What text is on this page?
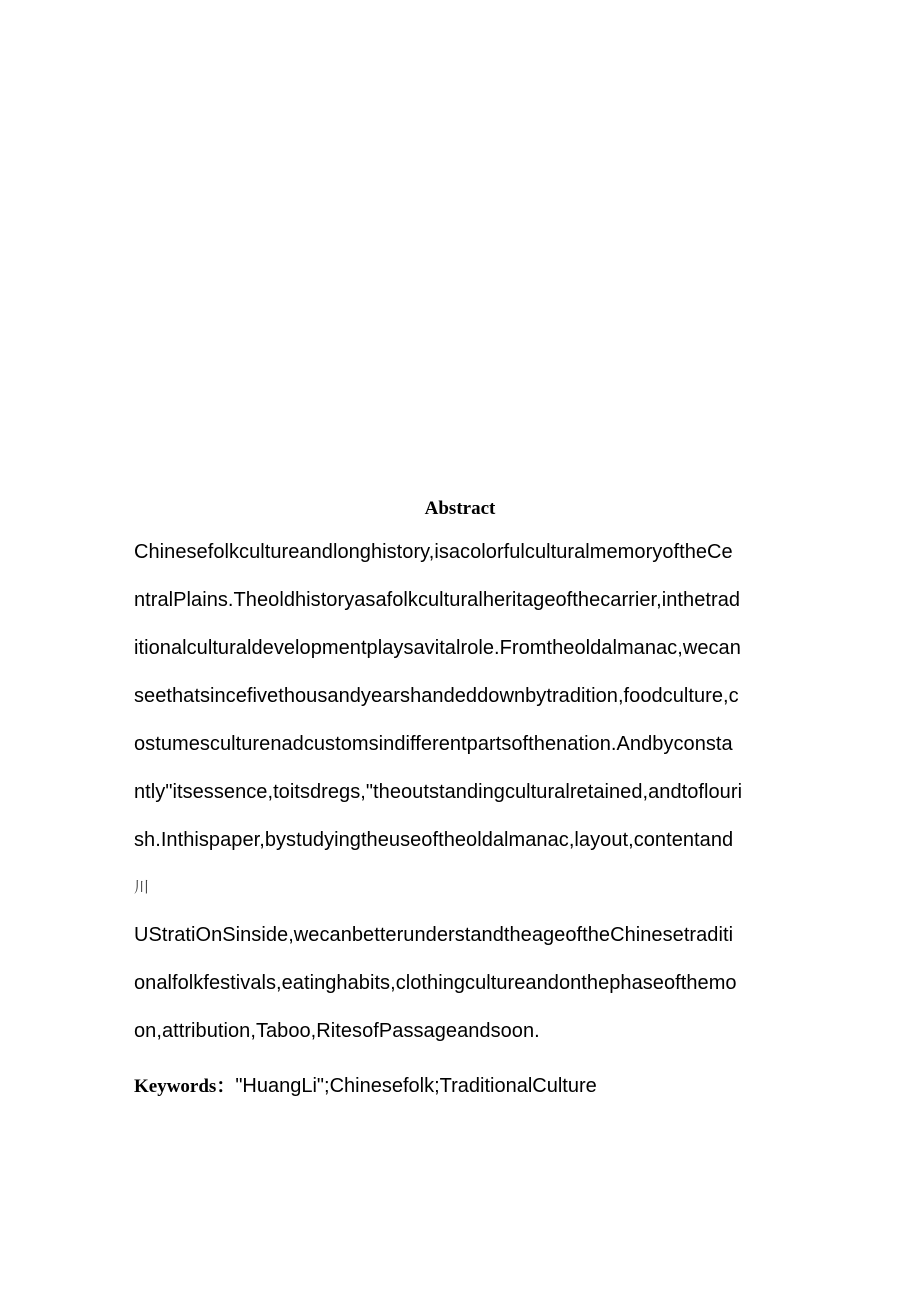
Abstract
Chinesefolkcultureandlonghistory,isacolorfulculturalmemoryoftheCe
ntralPlains.Theoldhistoryasafolkculturalheritageofthecarrier,inthetrad
itionalculturaldevelopmentplaysavitalrole.Fromtheoldalmanac,wecan
seethatsincefivethousandyearshandeddownbytradition,foodculture,c
ostumesculturenadcustomsindifferentpartsofthenation.Andbyconsta
ntly"itsessence,toitsdregs,"theoutstandingculturalretained,andtoflouri
sh.Inthispaper,bystudyingtheuseoftheoldalmanac,layout,contentand
川
UStratiOnSinside,wecanbetterunderstandtheageoftheChinesetraditi
onalfolkfestivals,eatinghabits,clothingcultureandonthephaseofthemo
on,attribution,Taboo,RitesofPassageandsoon.
Keywords："HuangLi";Chinesefolk;TraditionalCulture
